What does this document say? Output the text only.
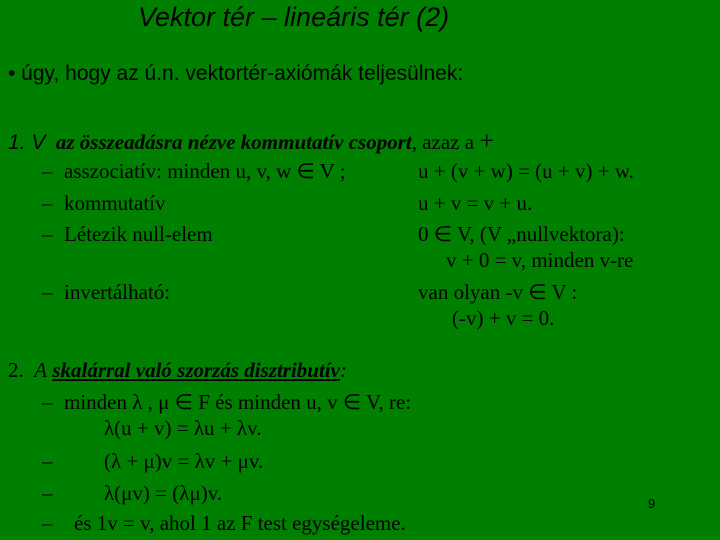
Vektor tér – lineáris tér (2)
• úgy, hogy az ú.n. vektortér-axiómák teljesülnek:
1. V az összeadásra nézve kommutatív csoport, azaz a +
– asszociatív: minden u, v, w ∈ V ;	u + (v + w) = (u + v) + w.
– kommutatív	u + v = v + u.
– Létezik null-elem	0 ∈ V, (V „nullvektora):
v + 0 = v, minden v-re
– invertálható:	van olyan -v ∈ V :
(-v) + v = 0.
2. A skalárral való szorzás disztributív:
– minden λ , μ ∈ F és minden u, v ∈ V, re:
λ(u + v) = λu + λv.
– (λ + μ)v = λv + μv.
– λ(μv) = (λμ)v.
– és 1v = v, ahol 1 az F test egységeleme.
9
